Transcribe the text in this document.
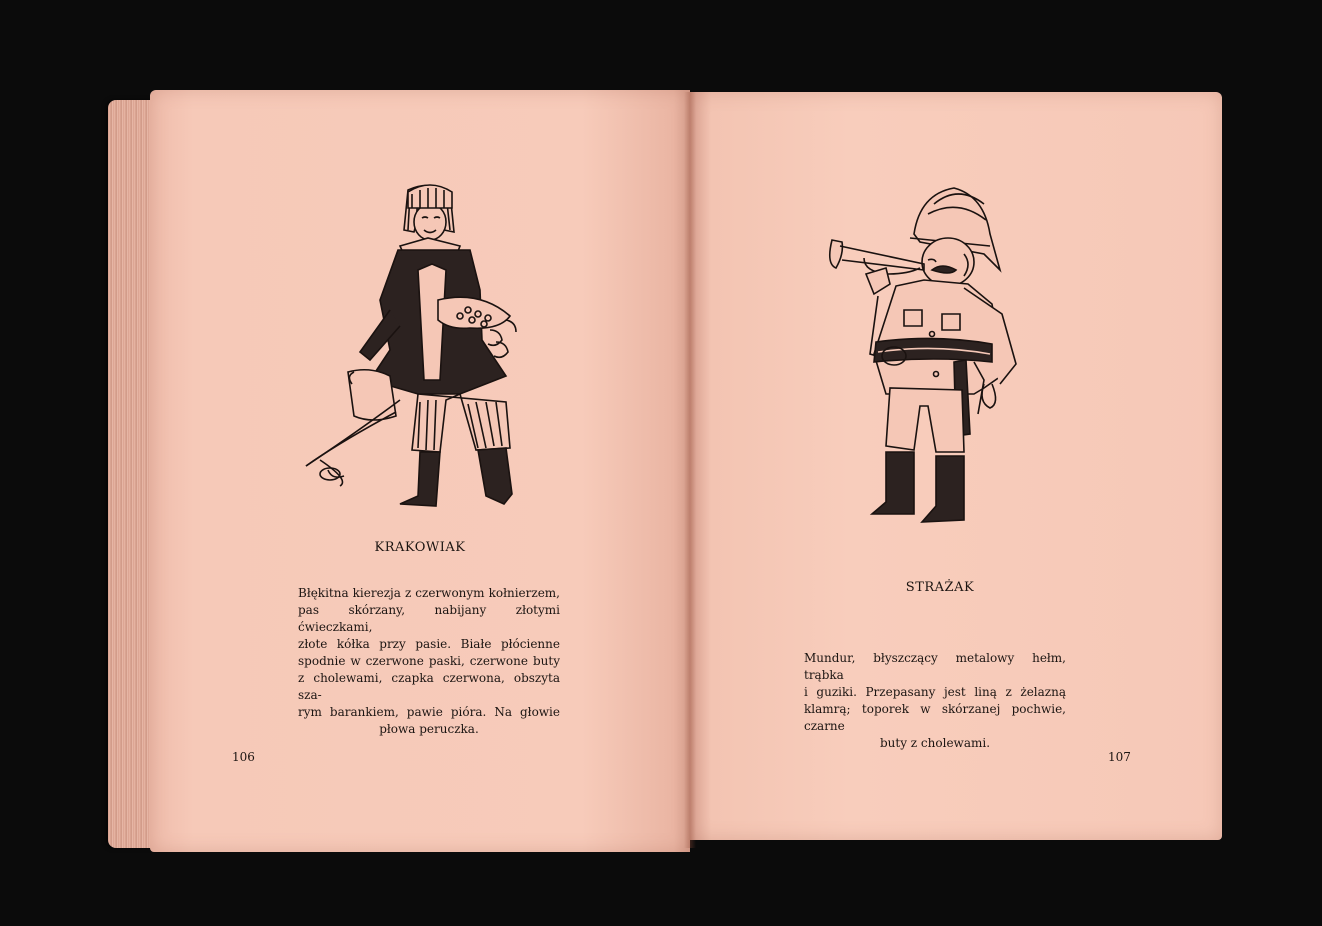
KRAKOWIAK

Błękitna kierezja z czerwonym kołnierzem,
pas skórzany, nabijany złotymi ćwieczkami,
złote kółka przy pasie. Białe płócienne
spodnie w czerwone paski, czerwone buty
z cholewami, czapka czerwona, obszyta sza-
rym barankiem, pawie pióra. Na głowie
płowa peruczka.

106

STRAŻAK

Mundur, błyszczący metalowy hełm, trąbka
i guziki. Przepasany jest liną z żelazną
klamrą; toporek w skórzanej pochwie, czarne
buty z cholewami.

107
